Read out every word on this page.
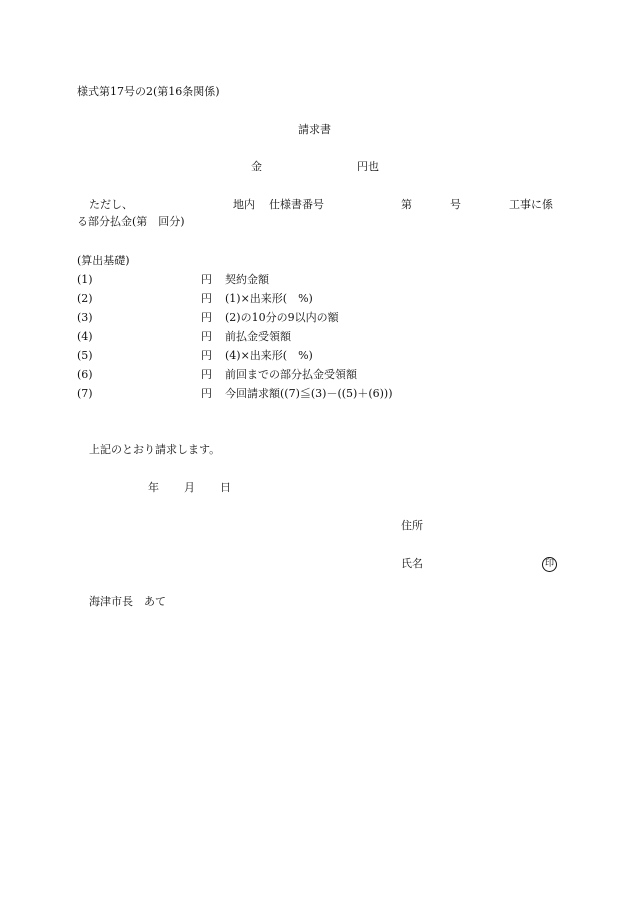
様式第17号の2(第16条関係)
請求書
金	円也
ただし、	地内 仕様書番号	第	号	工事に係
る部分払金(第　回分)
(算出基礎)
(1)	円 契約金額
(2)	円 (1)×出来形(　%)
(3)	円 (2)の10分の9以内の額
(4)	円 前払金受領額
(5)	円 (4)×出来形(　%)
(6)	円 前回までの部分払金受領額
(7)	円 今回請求額((7)≦(3)－((5)＋(6)))
上記のとおり請求します。
年 月 日
住所
氏名	印
海津市長　あて
